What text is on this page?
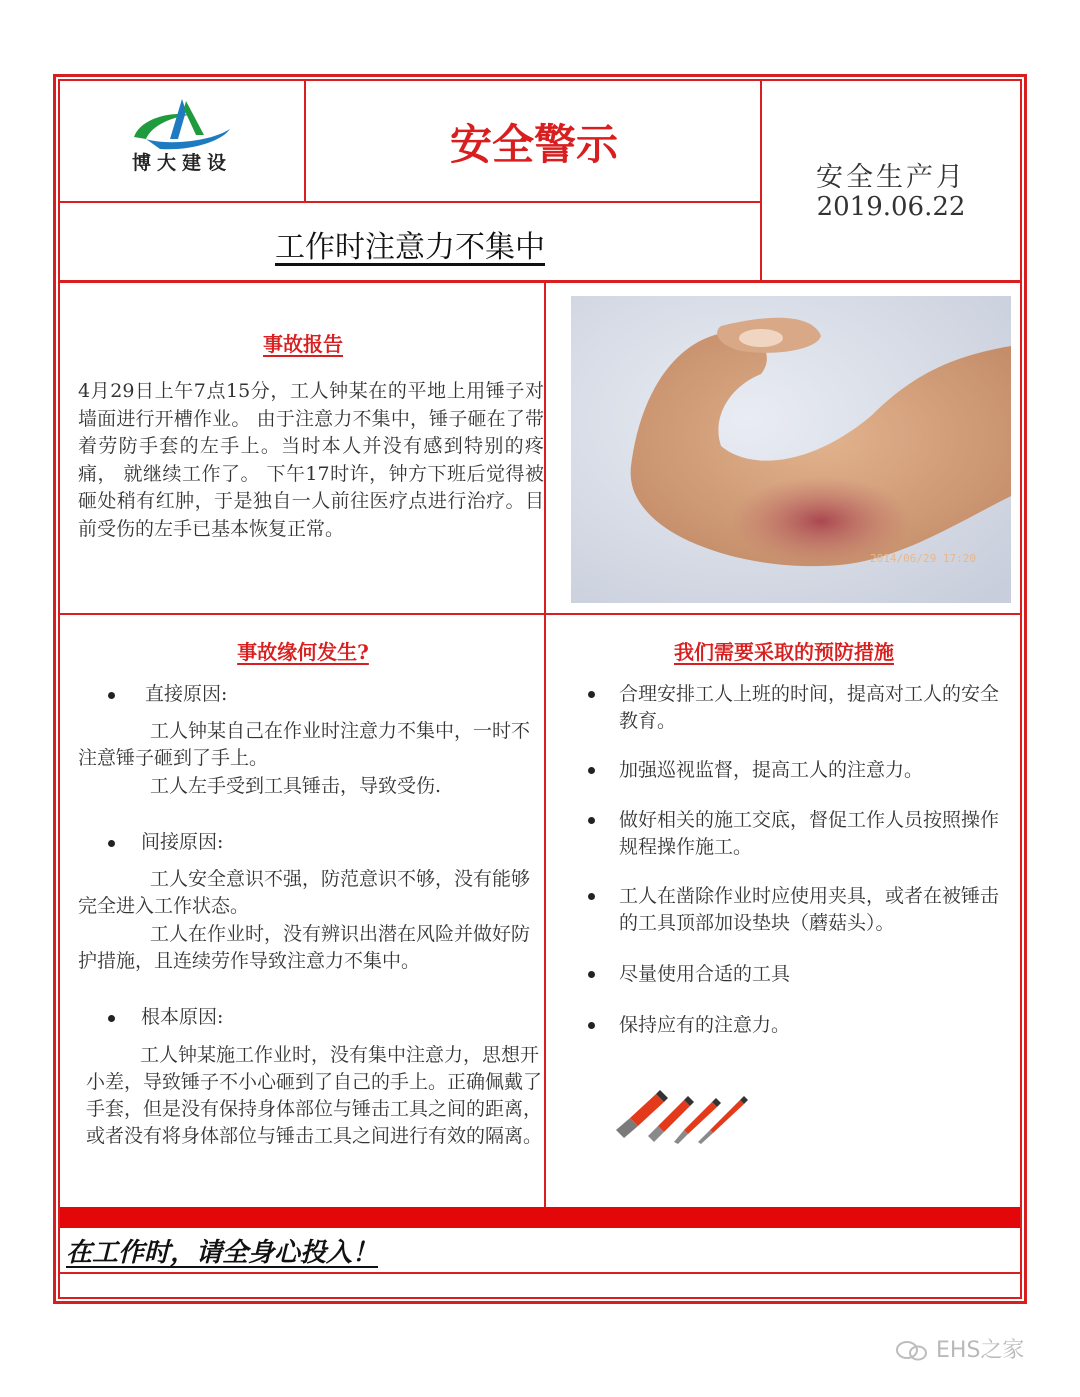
博大建设	安全警示
工作时注意力不集中
安全生产月
2019.06.22
事故报告
4月29日上午7点15分，工人钟某在的平地上用锤子对墙面进行开槽作业。 由于注意力不集中，锤子砸在了带着劳防手套的左手上。当时本人并没有感到特别的疼痛， 就继续工作了。 下午17时许，钟方下班后觉得被砸处稍有红肿，于是独自一人前往医疗点进行治疗。目前受伤的左手已基本恢复正常。
2014/06/29 17:20
事故缘何发生?
直接原因:
工人钟某自己在作业时注意力不集中，一时不注意锤子砸到了手上。
工人左手受到工具锤击，导致受伤.
间接原因:
工人安全意识不强，防范意识不够，没有能够完全进入工作状态。
工人在作业时，没有辨识出潜在风险并做好防护措施，且连续劳作导致注意力不集中。
根本原因:
工人钟某施工作业时，没有集中注意力，思想开小差，导致锤子不小心砸到了自己的手上。正确佩戴了手套，但是没有保持身体部位与锤击工具之间的距离，或者没有将身体部位与锤击工具之间进行有效的隔离。
我们需要采取的预防措施
合理安排工人上班的时间，提高对工人的安全教育。
加强巡视监督，提高工人的注意力。
做好相关的施工交底，督促工作人员按照操作规程操作施工。
工人在凿除作业时应使用夹具，或者在被锤击的工具顶部加设垫块（蘑菇头）。
尽量使用合适的工具
保持应有的注意力。
在工作时，请全身心投入！
EHS之家
